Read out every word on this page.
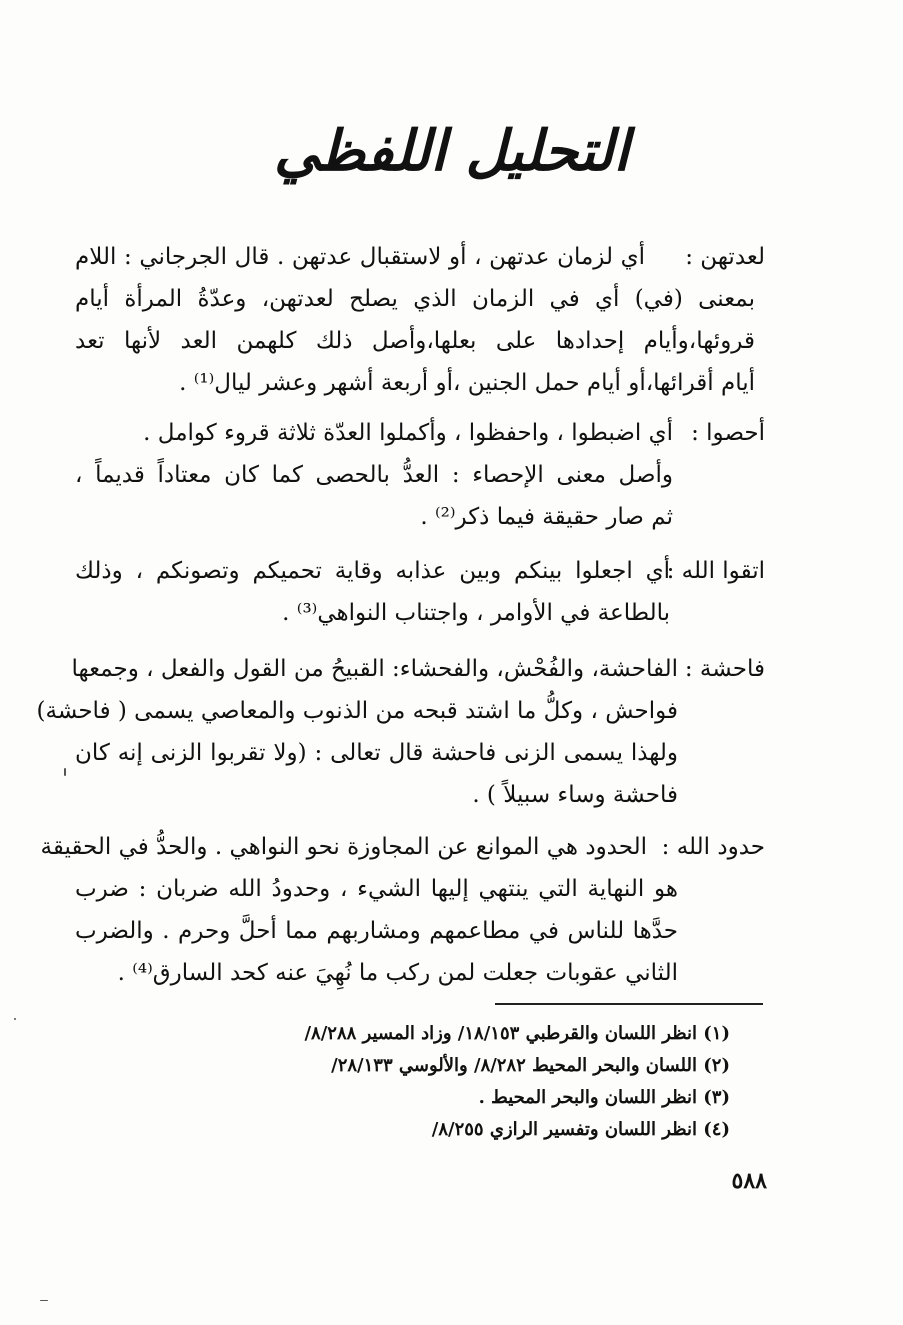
التحليل اللفظي
لعدتهن :
أي لزمان عدتهن ، أو لاستقبال عدتهن . قال الجرجاني : اللام
بمعنى (في) أي في الزمان الذي يصلح لعدتهن، وعدّةُ المرأة أيام
قروئها،وأيام إحدادها على بعلها،وأصل ذلك كلهمن العد لأنها تعد
أيام أقرائها،أو أيام حمل الجنين ،أو أربعة أشهر وعشر ليال⁽¹⁾ .
أحصوا :
أي اضبطوا ، واحفظوا ، وأكملوا العدّة ثلاثة قروء كوامل .
وأصل معنى الإحصاء : العدُّ بالحصى كما كان معتاداً قديماً ،
ثم صار حقيقة فيما ذكر⁽²⁾ .
اتقوا الله :
أي اجعلوا بينكم وبين عذابه وقاية تحميكم وتصونكم ، وذلك
بالطاعة في الأوامر ، واجتناب النواهي⁽³⁾ .
فاحشة :
الفاحشة، والفُحْش، والفحشاء: القبيحُ من القول والفعل ، وجمعها
فواحش ، وكلُّ ما اشتد قبحه من الذنوب والمعاصي يسمى ( فاحشة)
ولهذا يسمى الزنى فاحشة قال تعالى : (ولا تقربوا الزنى إنه كان
فاحشة وساء سبيلاً ) .
حدود الله :
الحدود هي الموانع عن المجاوزة نحو النواهي . والحدُّ في الحقيقة
هو النهاية التي ينتهي إليها الشيء ، وحدودُ الله ضربان : ضرب
حدَّها للناس في مطاعمهم ومشاربهم مما أحلَّ وحرم . والضرب
الثاني عقوبات جعلت لمن ركب ما نُهِيَ عنه كحد السارق⁽⁴⁾ .
(١) انظر اللسان والقرطبي ١٨/١٥٣/ وزاد المسير ٨/٢٨٨/
(٢) اللسان والبحر المحيط ٨/٢٨٢/ والألوسي ٢٨/١٣٣/
(٣) انظر اللسان والبحر المحيط .
(٤) انظر اللسان وتفسير الرازي ٨/٢٥٥/
٥٨٨
